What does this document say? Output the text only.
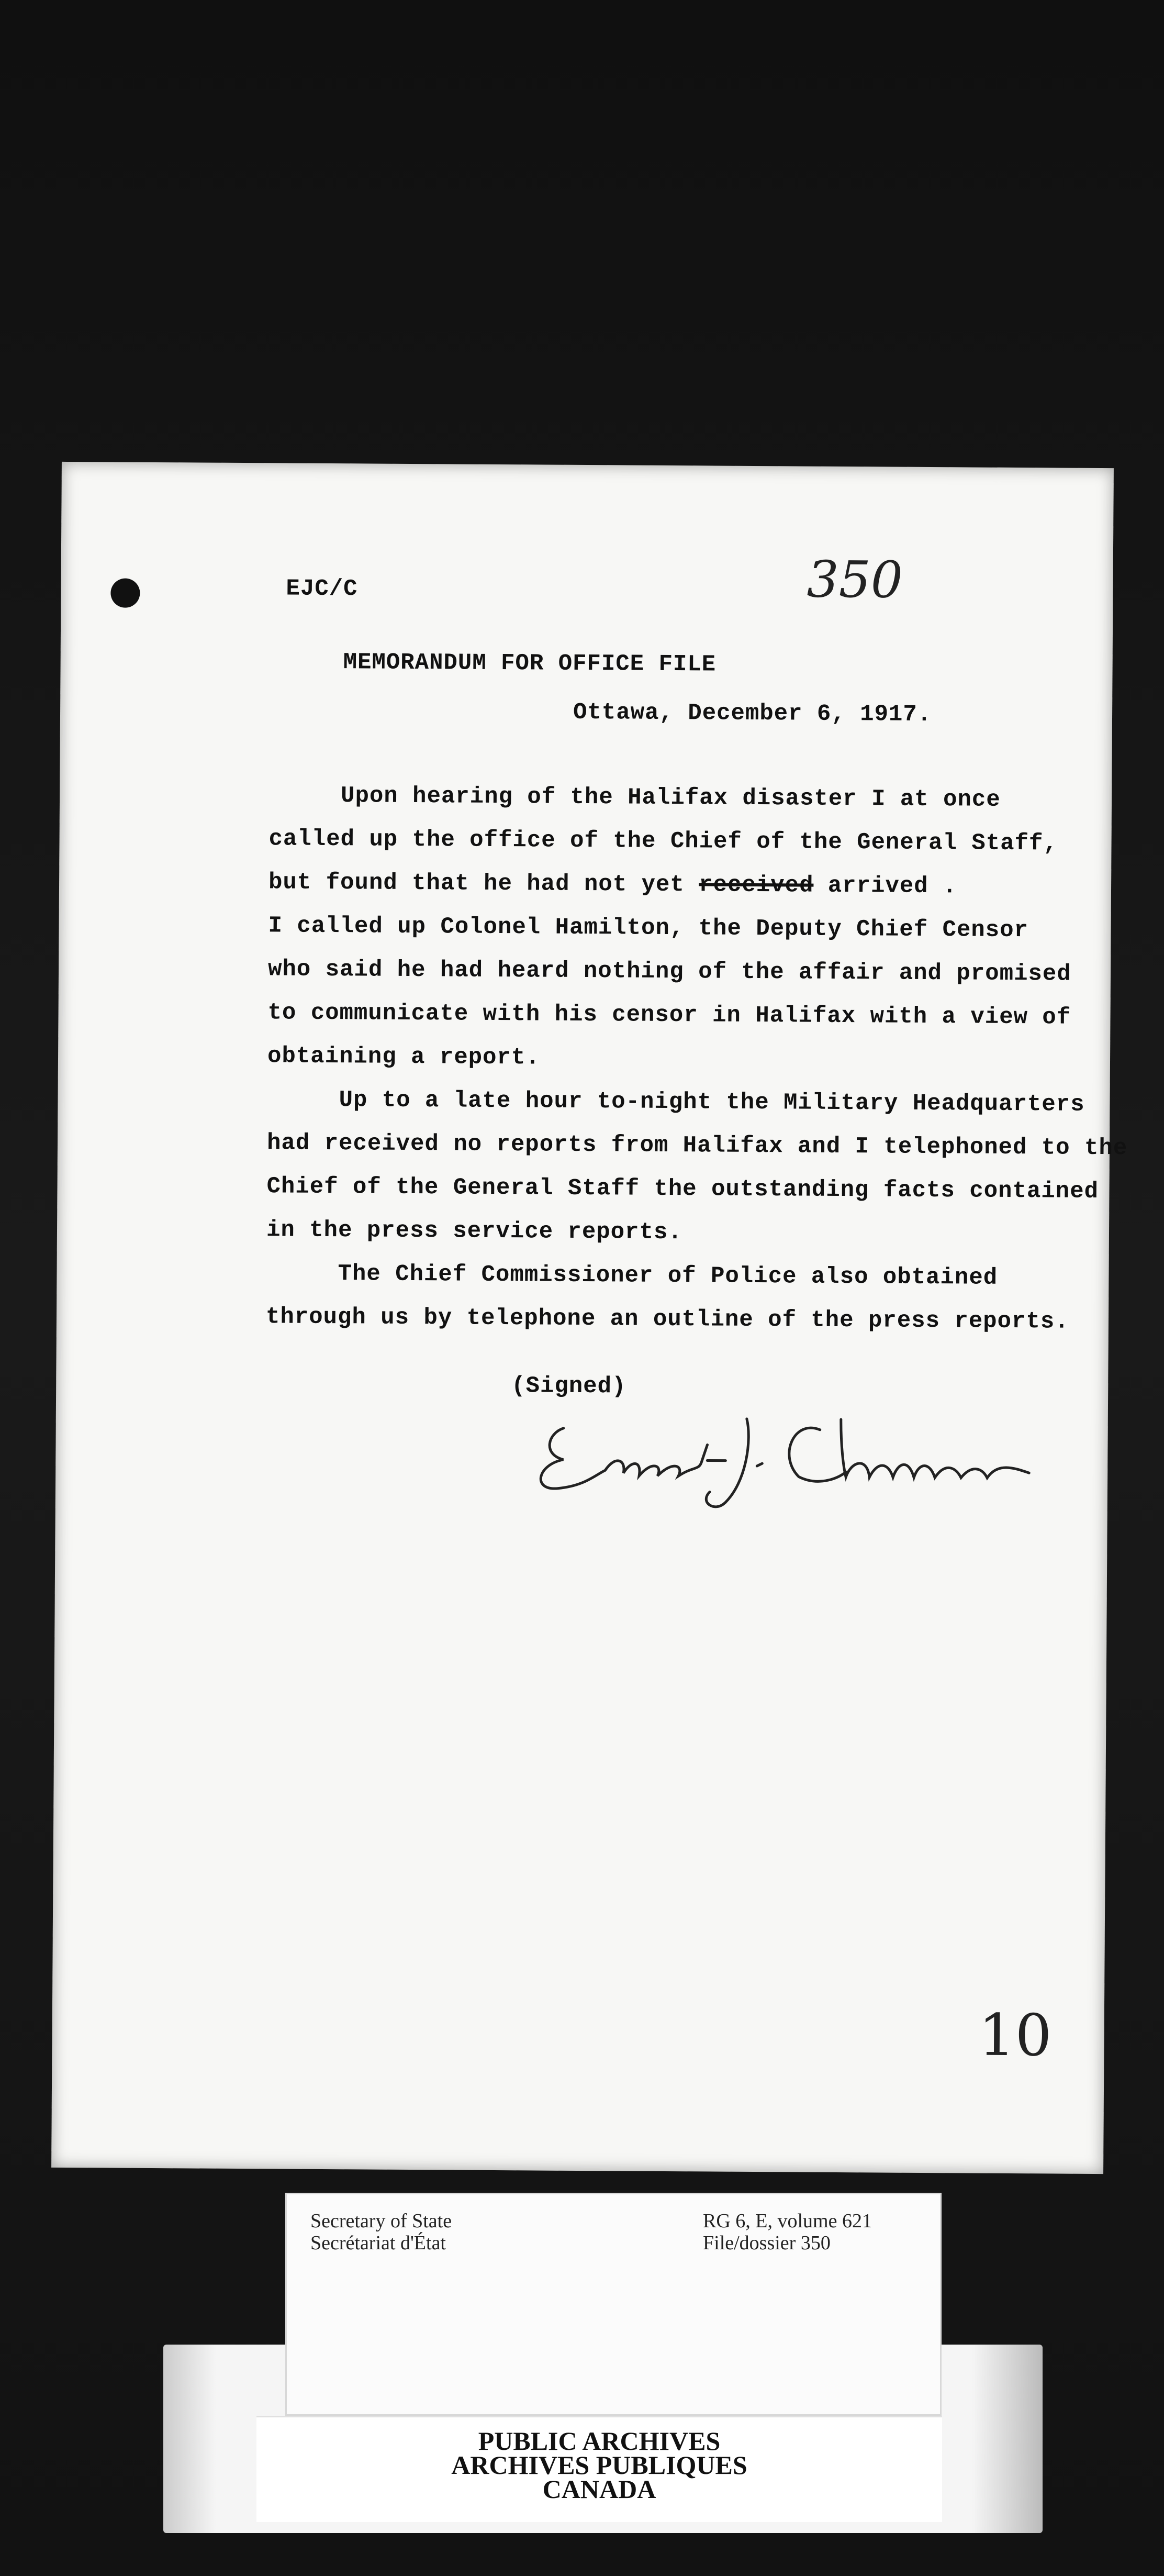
EJC/C	350
MEMORANDUM FOR OFFICE FILE
Ottawa, December 6, 1917.
Upon hearing of the Halifax disaster I at once
called up the office of the Chief of the General Staff,
but found that he had not yet received arrived .
I called up Colonel Hamilton, the Deputy Chief Censor
who said he had heard nothing of the affair and promised
to communicate with his censor in Halifax with a view of
obtaining a report.
Up to a late hour to-night the Military Headquarters
had received no reports from Halifax and I telephoned to the
Chief of the General Staff the outstanding facts contained
in the press service reports.
The Chief Commissioner of Police also obtained
through us by telephone an outline of the press reports.
(Signed)
10
Secretary of State
Secrétariat d'État
RG 6, E, volume 621
File/dossier 350
PUBLIC ARCHIVES
ARCHIVES PUBLIQUES
CANADA
